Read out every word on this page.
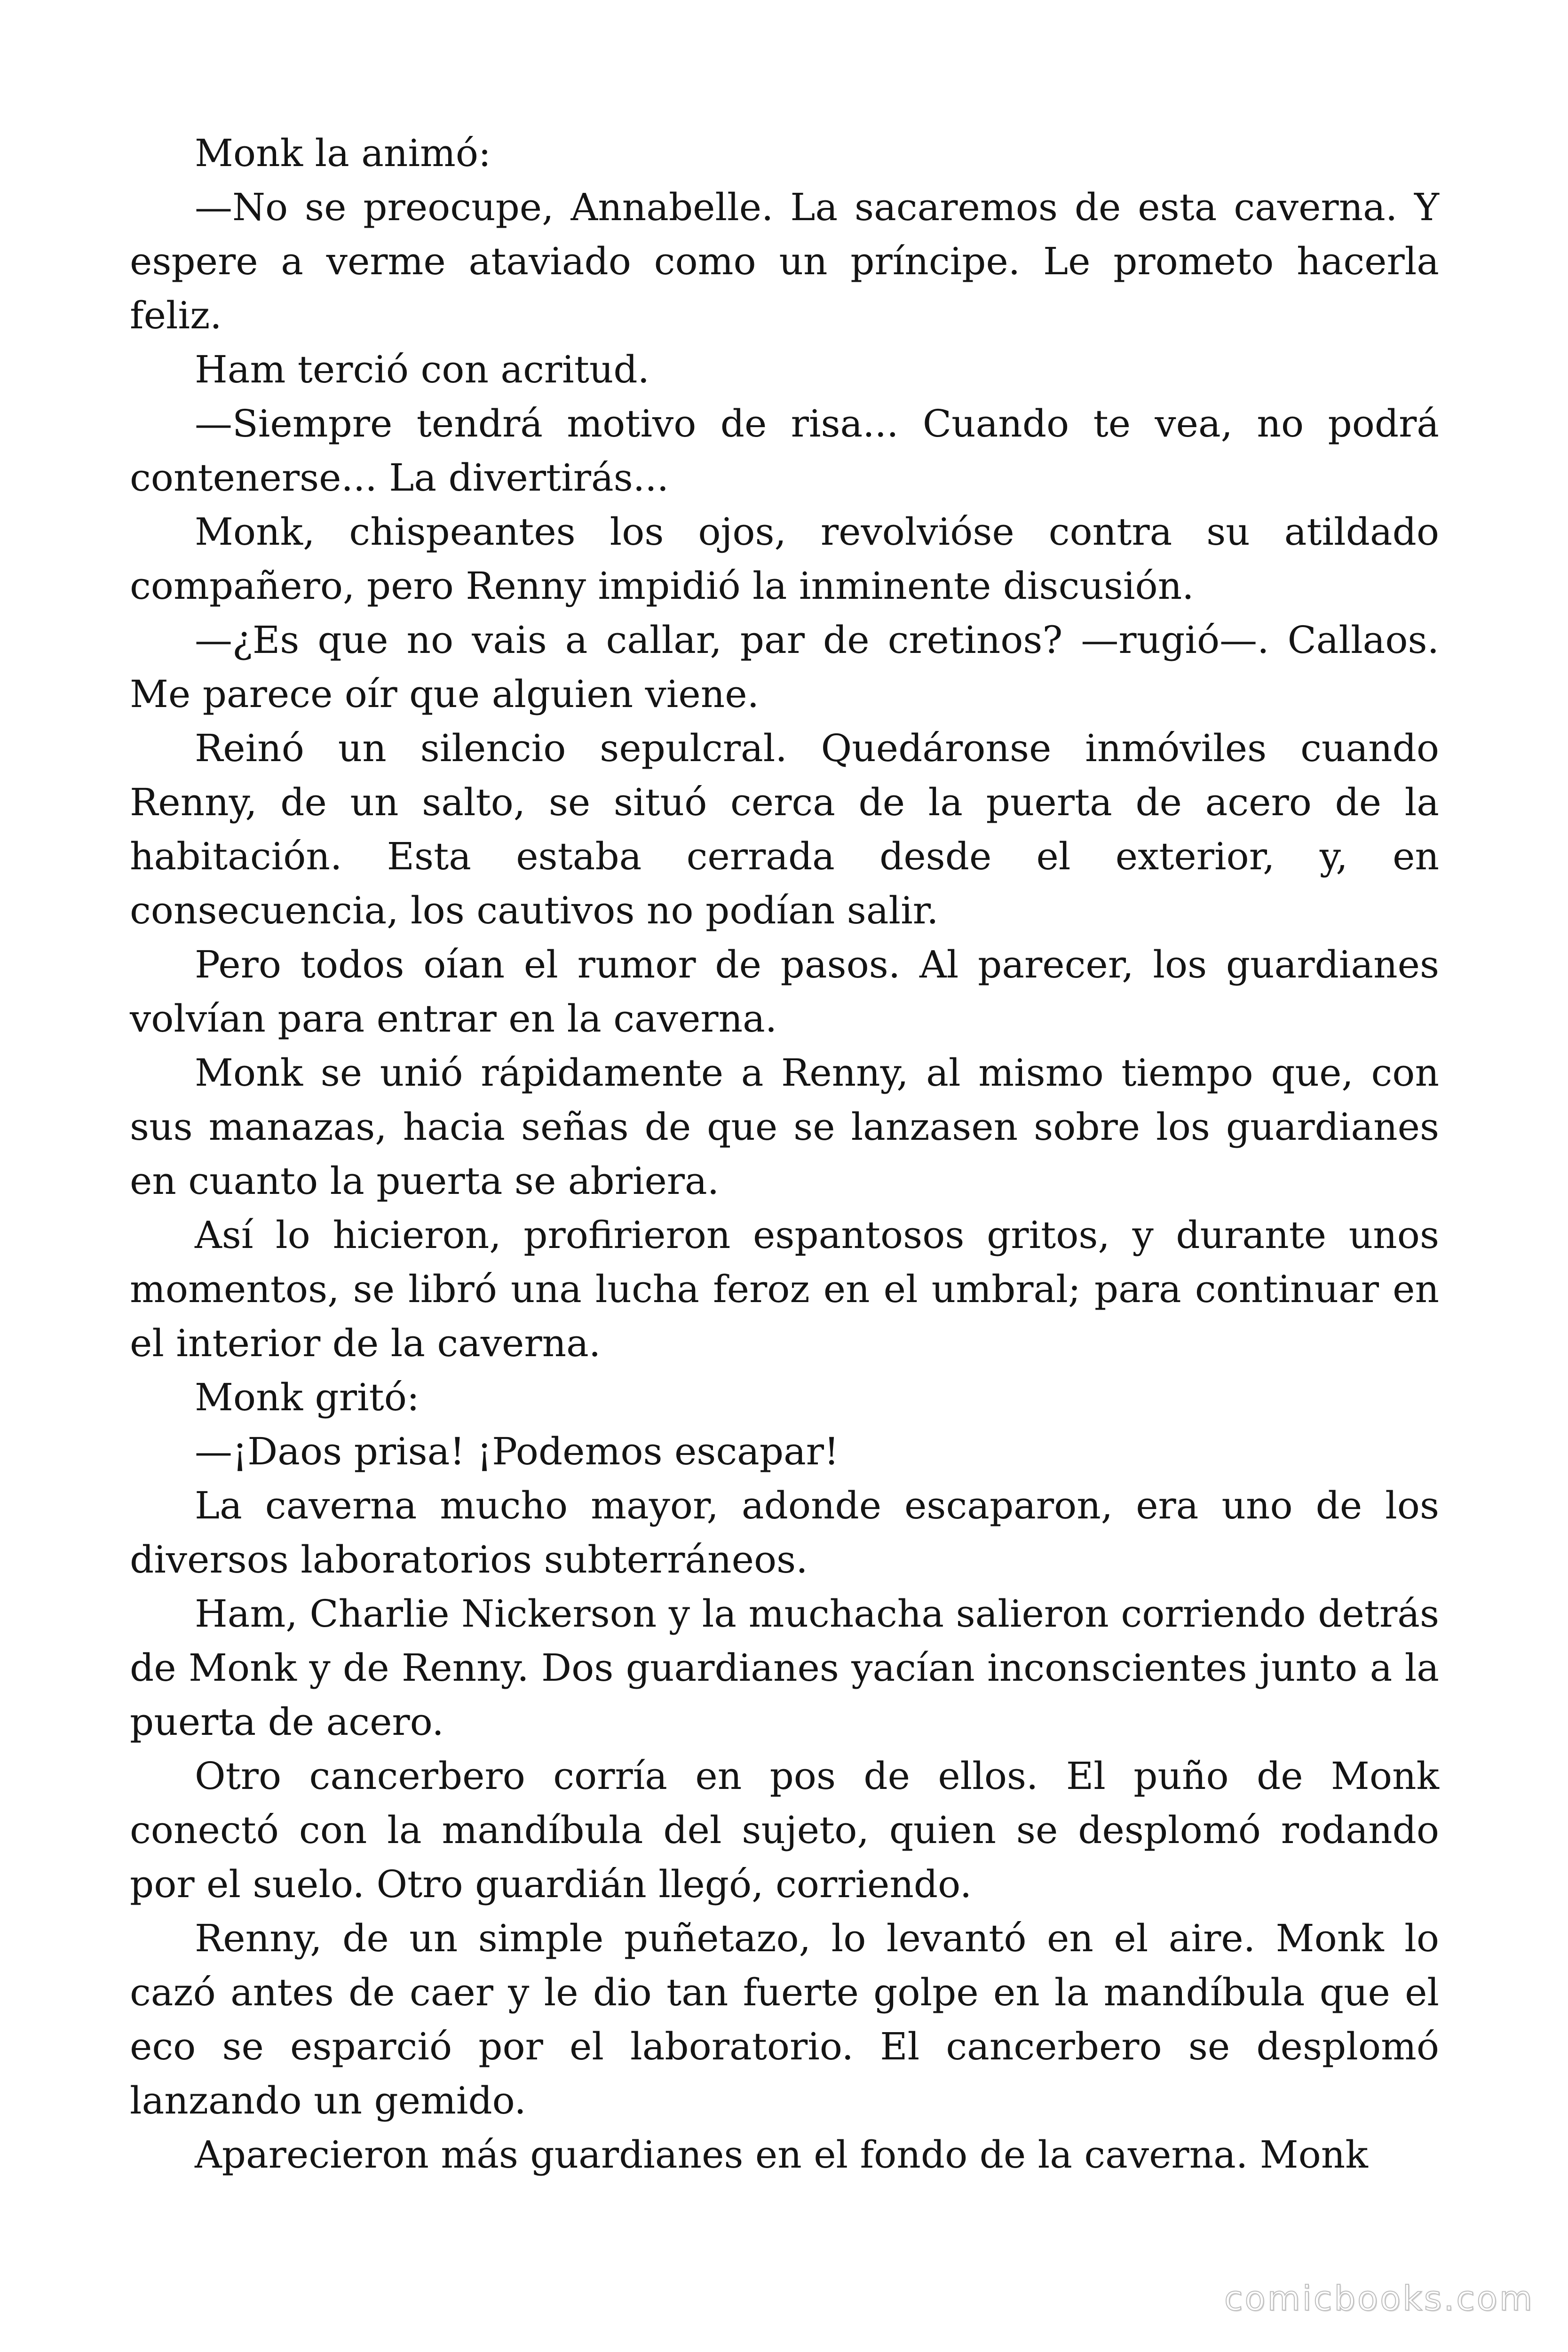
Monk la animó:

—No se preocupe, Annabelle. La sacaremos de esta caverna. Y espere a verme ataviado como un príncipe. Le prometo hacerla feliz.

Ham terció con acritud.

—Siempre tendrá motivo de risa... Cuando te vea, no podrá contenerse... La divertirás...

Monk, chispeantes los ojos, revolvióse contra su atildado compañero, pero Renny impidió la inminente discusión.

—¿Es que no vais a callar, par de cretinos? —rugió—. Callaos. Me parece oír que alguien viene.

Reinó un silencio sepulcral. Quedáronse inmóviles cuando Renny, de un salto, se situó cerca de la puerta de acero de la habitación. Esta estaba cerrada desde el exterior, y, en consecuencia, los cautivos no podían salir.

Pero todos oían el rumor de pasos. Al parecer, los guardianes volvían para entrar en la caverna.

Monk se unió rápidamente a Renny, al mismo tiempo que, con sus manazas, hacia señas de que se lanzasen sobre los guardianes en cuanto la puerta se abriera.

Así lo hicieron, profirieron espantosos gritos, y durante unos momentos, se libró una lucha feroz en el umbral; para continuar en el interior de la caverna.

Monk gritó:

—¡Daos prisa! ¡Podemos escapar!

La caverna mucho mayor, adonde escaparon, era uno de los diversos laboratorios subterráneos.

Ham, Charlie Nickerson y la muchacha salieron corriendo detrás de Monk y de Renny. Dos guardianes yacían inconscientes junto a la puerta de acero.

Otro cancerbero corría en pos de ellos. El puño de Monk conectó con la mandíbula del sujeto, quien se desplomó rodando por el suelo. Otro guardián llegó, corriendo.

Renny, de un simple puñetazo, lo levantó en el aire. Monk lo cazó antes de caer y le dio tan fuerte golpe en la mandíbula que el eco se esparció por el laboratorio. El cancerbero se desplomó lanzando un gemido.

Aparecieron más guardianes en el fondo de la caverna. Monk

comicbooks.com
